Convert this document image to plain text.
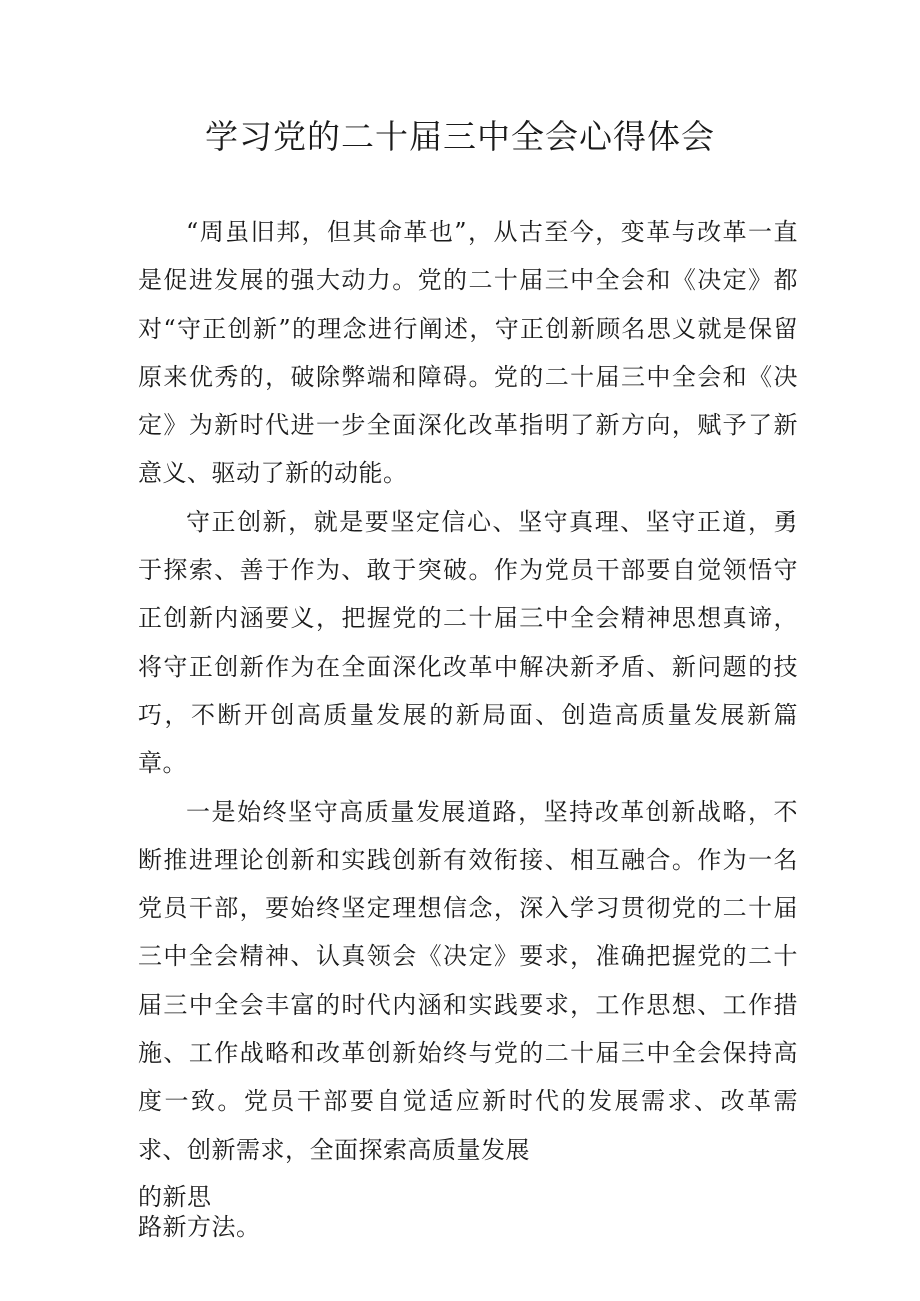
学习党的二十届三中全会心得体会

“周虽旧邦，但其命革也”，从古至今，变革与改革一直是促进发展的强大动力。党的二十届三中全会和《决定》都对“守正创新”的理念进行阐述，守正创新顾名思义就是保留原来优秀的，破除弊端和障碍。党的二十届三中全会和《决定》为新时代进一步全面深化改革指明了新方向，赋予了新意义、驱动了新的动能。

守正创新，就是要坚定信心、坚守真理、坚守正道，勇于探索、善于作为、敢于突破。作为党员干部要自觉领悟守正创新内涵要义，把握党的二十届三中全会精神思想真谛，将守正创新作为在全面深化改革中解决新矛盾、新问题的技巧，不断开创高质量发展的新局面、创造高质量发展新篇章。

一是始终坚守高质量发展道路，坚持改革创新战略，不断推进理论创新和实践创新有效衔接、相互融合。作为一名党员干部，要始终坚定理想信念，深入学习贯彻党的二十届三中全会精神、认真领会《决定》要求，准确把握党的二十届三中全会丰富的时代内涵和实践要求，工作思想、工作措施、工作战略和改革创新始终与党的二十届三中全会保持高度一致。党员干部要自觉适应新时代的发展需求、改革需求、创新需求，全面探索高质量发展

的新思
路新方法。
